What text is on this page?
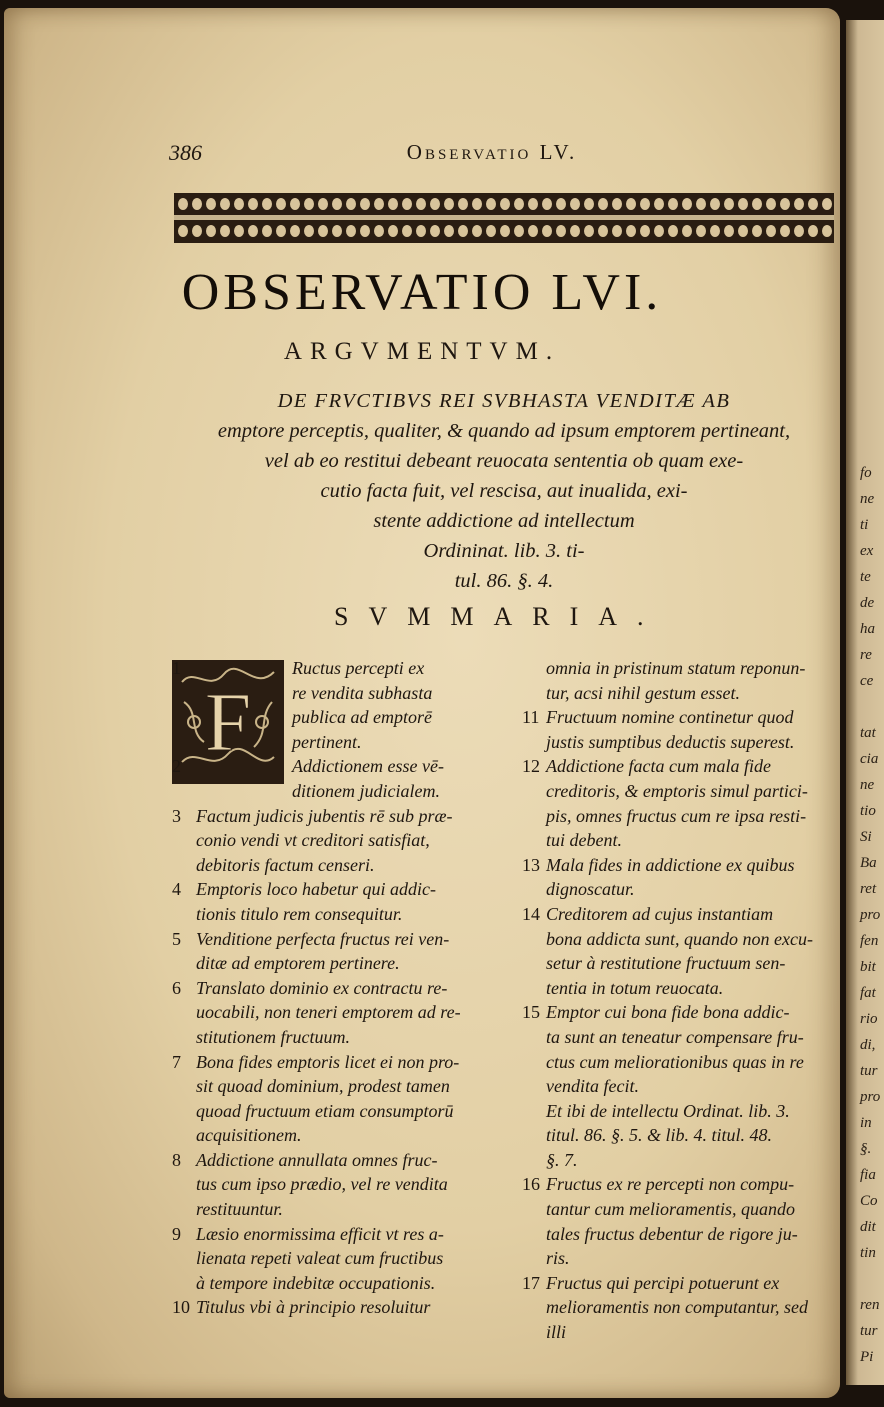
386	Observatio LV.
OBSERVATIO LVI.
ARGVMENTVM.
DE FRVCTIBVS REI SVBHASTA VENDITÆ AB
emptore perceptis, qualiter, & quando ad ipsum emptorem pertineant,
vel ab eo restitui debeant reuocata sententia ob quam exe-
cutio facta fuit, vel rescisa, aut inualida, exi-
stente addictione ad intellectum
Ordininat. lib. 3. ti-
tul. 86. §. 4.
SVMMARIA.
F
1	Ructus percepti ex
re vendita subhasta
publica ad emptorē
pertinent.
2	Addictionem esse vē-
ditionem judicialem.
3 Factum judicis jubentis rē sub præ-
conio vendi vt creditori satisfiat,
debitoris factum censeri.
4 Emptoris loco habetur qui addic-
tionis titulo rem consequitur.
5 Venditione perfecta fructus rei ven-
ditæ ad emptorem pertinere.
6 Translato dominio ex contractu re-
uocabili, non teneri emptorem ad re-
stitutionem fructuum.
7 Bona fides emptoris licet ei non pro-
sit quoad dominium, prodest tamen
quoad fructuum etiam consumptorū
acquisitionem.
8 Addictione annullata omnes fruc-
tus cum ipso prædio, vel re vendita
restituuntur.
9 Læsio enormissima efficit vt res a-
lienata repeti valeat cum fructibus
à tempore indebitæ occupationis.
10 Titulus vbi à principio resoluitur
omnia in pristinum statum reponun-
tur, acsi nihil gestum esset.
11 Fructuum nomine continetur quod
justis sumptibus deductis superest.
12 Addictione facta cum mala fide
creditoris, & emptoris simul partici-
pis, omnes fructus cum re ipsa resti-
tui debent.
13 Mala fides in addictione ex quibus
dignoscatur.
14 Creditorem ad cujus instantiam
bona addicta sunt, quando non excu-
setur à restitutione fructuum sen-
tentia in totum reuocata.
15 Emptor cui bona fide bona addic-
ta sunt an teneatur compensare fru-
ctus cum meliorationibus quas in re
vendita fecit.
Et ibi de intellectu Ordinat. lib. 3.
titul. 86. §. 5. & lib. 4. titul. 48.
§. 7.
16 Fructus ex re percepti non compu-
tantur cum melioramentis, quando
tales fructus debentur de rigore ju-
ris.
17 Fructus qui percipi potuerunt ex
melioramentis non computantur, sed
illi
fo
ne
ti
ex
te
de
ha
re
ce
tat
cia
ne
tio
Si
Ba
ret
pro
fen
bit
fat
rio
di,
tur
pro
in
§.
fia
Co
dit
tin
ren
tur
Pi
